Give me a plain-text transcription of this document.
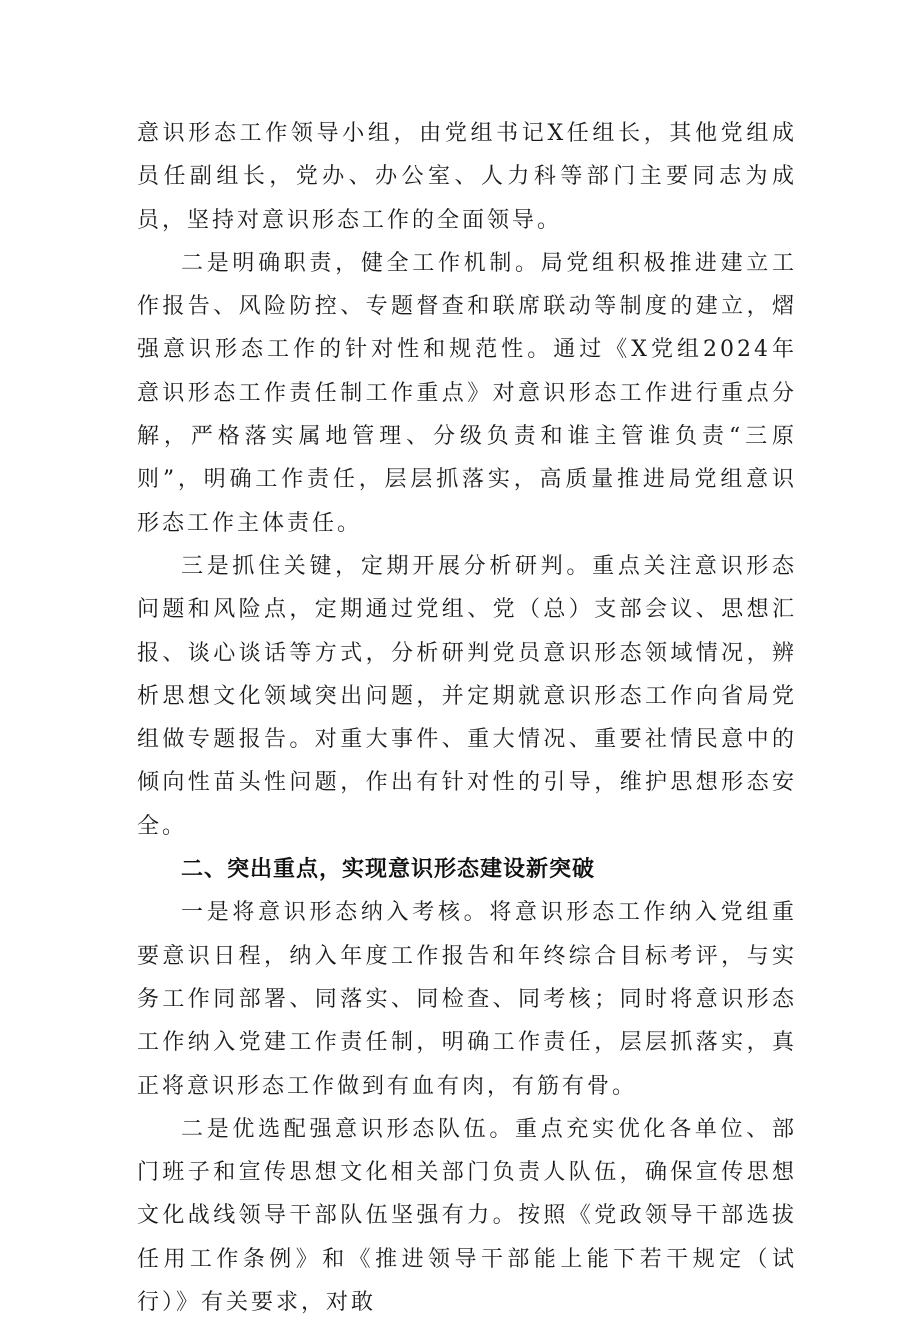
意识形态工作领导小组，由党组书记X任组长，其他党组成员任副组长，党办、办公室、人力科等部门主要同志为成员，坚持对意识形态工作的全面领导。

二是明确职责，健全工作机制。局党组积极推进建立工作报告、风险防控、专题督查和联席联动等制度的建立，熠强意识形态工作的针对性和规范性。通过《X党组2024年意识形态工作责任制工作重点》对意识形态工作进行重点分解，严格落实属地管理、分级负责和谁主管谁负责“三原则”，明确工作责任，层层抓落实，高质量推进局党组意识形态工作主体责任。

三是抓住关键，定期开展分析研判。重点关注意识形态问题和风险点，定期通过党组、党（总）支部会议、思想汇报、谈心谈话等方式，分析研判党员意识形态领域情况，辨析思想文化领域突出问题，并定期就意识形态工作向省局党组做专题报告。对重大事件、重大情况、重要社情民意中的倾向性苗头性问题，作出有针对性的引导，维护思想形态安全。

二、突出重点，实现意识形态建设新突破

一是将意识形态纳入考核。将意识形态工作纳入党组重要意识日程，纳入年度工作报告和年终综合目标考评，与实务工作同部署、同落实、同检查、同考核；同时将意识形态工作纳入党建工作责任制，明确工作责任，层层抓落实，真正将意识形态工作做到有血有肉，有筋有骨。

二是优选配强意识形态队伍。重点充实优化各单位、部门班子和宣传思想文化相关部门负责人队伍，确保宣传思想文化战线领导干部队伍坚强有力。按照《党政领导干部选拔任用工作条例》和《推进领导干部能上能下若干规定（试行）》有关要求，对敢
